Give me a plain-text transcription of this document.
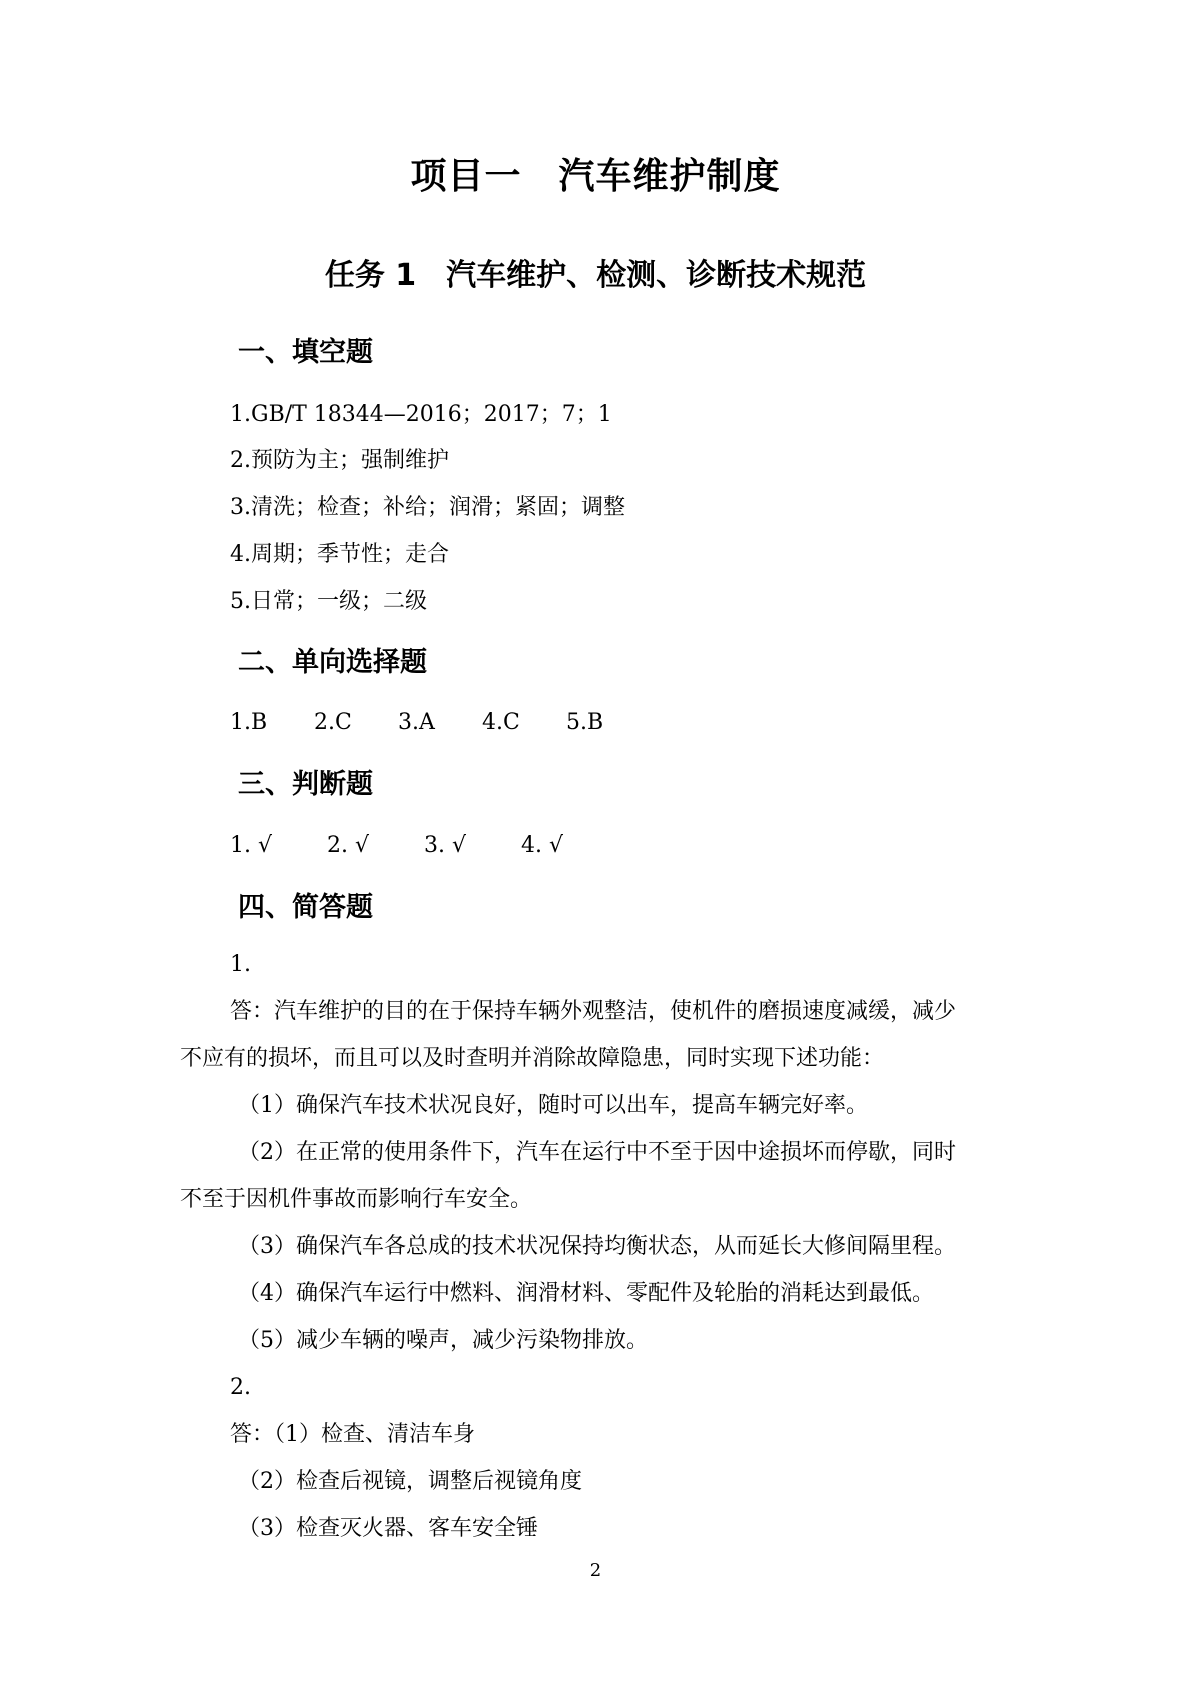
项目一　汽车维护制度
任务 1　汽车维护、检测、诊断技术规范
一、填空题
1.GB/T 18344—2016；2017；7；1
2.预防为主；强制维护
3.清洗；检查；补给；润滑；紧固；调整
4.周期；季节性；走合
5.日常；一级；二级
二、单向选择题
1.B 2.C 3.A 4.C 5.B
三、判断题
1. √ 2. √ 3. √ 4. √
四、简答题
1.
答：汽车维护的目的在于保持车辆外观整洁，使机件的磨损速度减缓，减少
不应有的损坏，而且可以及时查明并消除故障隐患，同时实现下述功能：
（1）确保汽车技术状况良好，随时可以出车，提高车辆完好率。
（2）在正常的使用条件下，汽车在运行中不至于因中途损坏而停歇，同时
不至于因机件事故而影响行车安全。
（3）确保汽车各总成的技术状况保持均衡状态，从而延长大修间隔里程。
（4）确保汽车运行中燃料、润滑材料、零配件及轮胎的消耗达到最低。
（5）减少车辆的噪声，减少污染物排放。
2.
答：（1）检查、清洁车身
（2）检查后视镜，调整后视镜角度
（3）检查灭火器、客车安全锤
2
